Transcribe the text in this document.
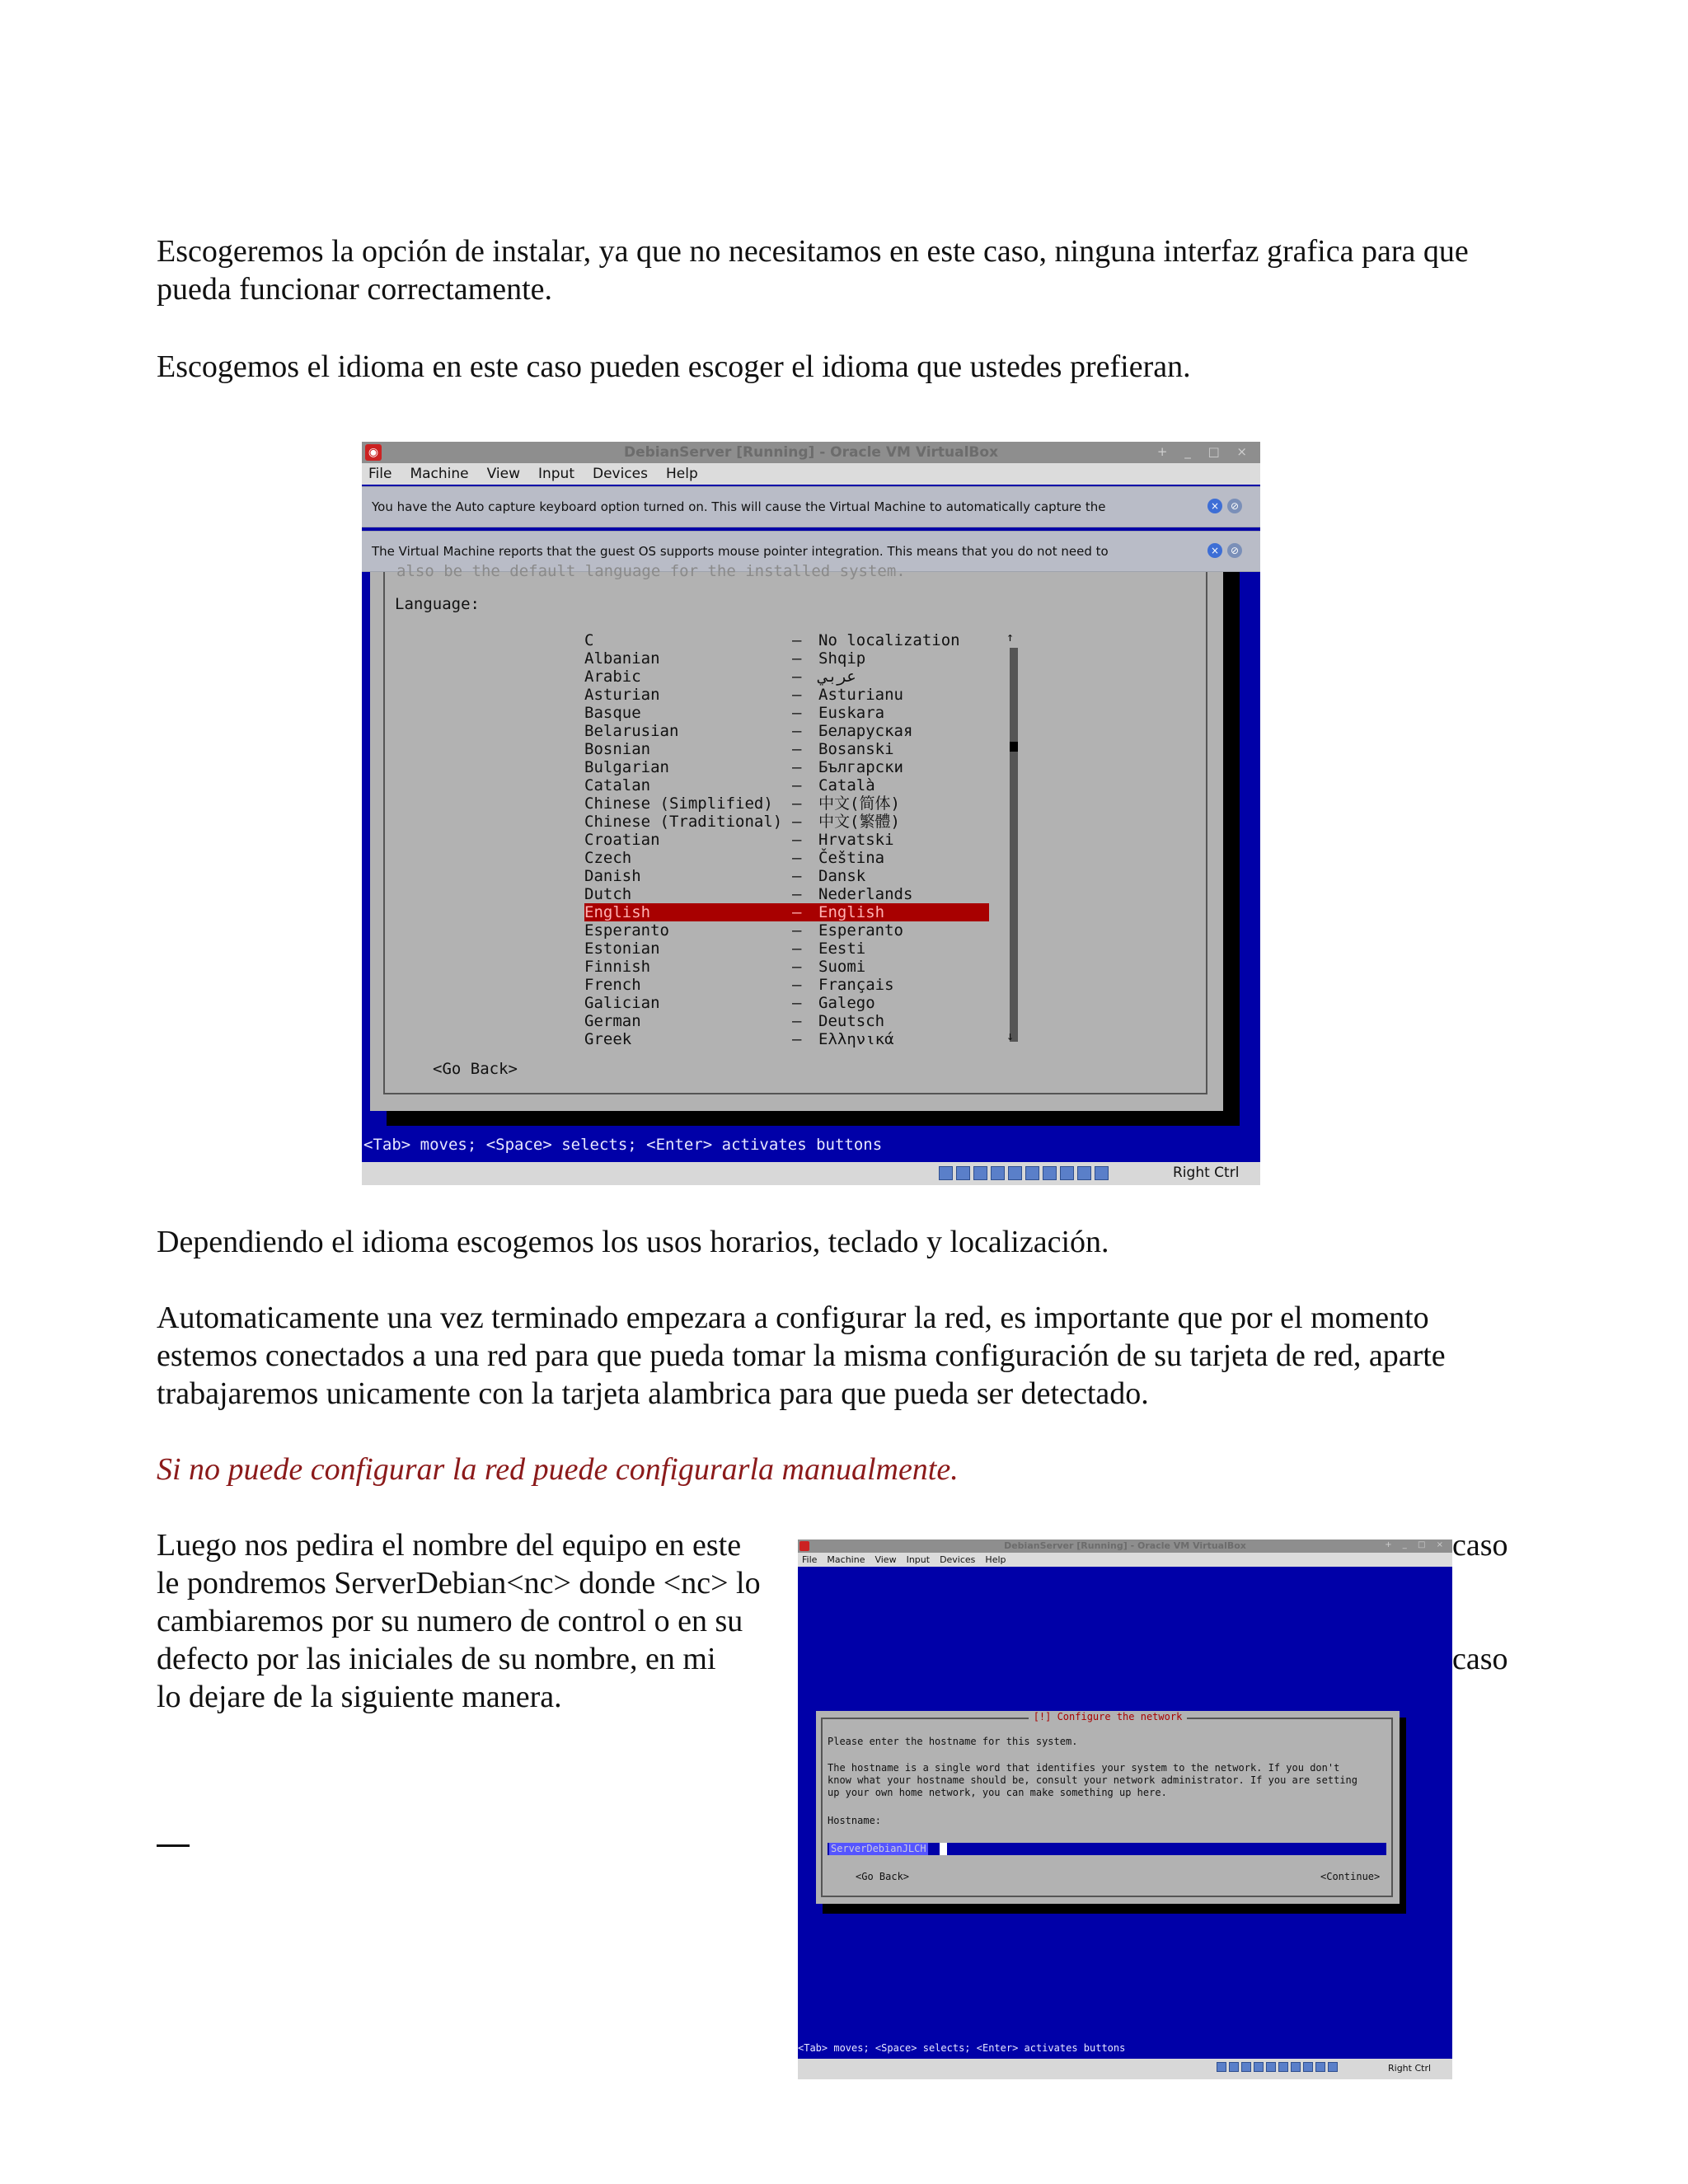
Escogeremos la opción de instalar, ya que no necesitamos en este caso, ninguna interfaz grafica para que pueda funcionar correctamente.

Escogemos el idioma en este caso pueden escoger el idioma que ustedes prefieran.

◉	DebianServer [Running] - Oracle VM VirtualBox	+ _ □ ×
File Machine View Input Devices Help
You have the Auto capture keyboard option turned on. This will cause the Virtual Machine to automatically capture the	×	⊘
The Virtual Machine reports that the guest OS supports mouse pointer integration. This means that you do not need to	×	⊘
also be the default language for the installed system.
Language:
C	– No localization
Albanian	– Shqip
Arabic	– عربي
Asturian	– Asturianu
Basque	– Euskara
Belarusian	– Беларуская
Bosnian	– Bosanski
Bulgarian	– Български
Catalan	– Català
Chinese (Simplified) – 中文(简体)
Chinese (Traditional) – 中文(繁體)
Croatian	– Hrvatski
Czech	– Čeština
Danish	– Dansk
Dutch	– Nederlands
English	– English
Esperanto	– Esperanto
Estonian	– Eesti
Finnish	– Suomi
French	– Français
Galician	– Galego
German	– Deutsch
Greek	– Ελληνικά
↑
↓
<Go Back>
<Tab> moves; <Space> selects; <Enter> activates buttons
Right Ctrl

Dependiendo el idioma escogemos los usos horarios, teclado y localización.

Automaticamente una vez terminado empezara a configurar la red, es importante que por el momento estemos conectados a una red para que pueda tomar la misma configuración de su tarjeta de red, aparte trabajaremos unicamente con la tarjeta alambrica para que pueda ser detectado.

Si no puede configurar la red puede configurarla manualmente.

Luego nos pedira el nombre del equipo en este
le pondremos ServerDebian<nc> donde <nc> lo
cambiaremos por su numero de control o en su
defecto por las iniciales de su nombre, en mi
lo dejare de la siguiente manera.
caso
caso
DebianServer [Running] - Oracle VM VirtualBox	+ _ □ ×
File Machine View Input Devices Help
[!] Configure the network
Please enter the hostname for this system.
The hostname is a single word that identifies your system to the network. If you don't
know what your hostname should be, consult your network administrator. If you are setting
up your own home network, you can make something up here.
Hostname:
ServerDebianJLCH
<Go Back>	<Continue>
<Tab> moves; <Space> selects; <Enter> activates buttons
Right Ctrl
